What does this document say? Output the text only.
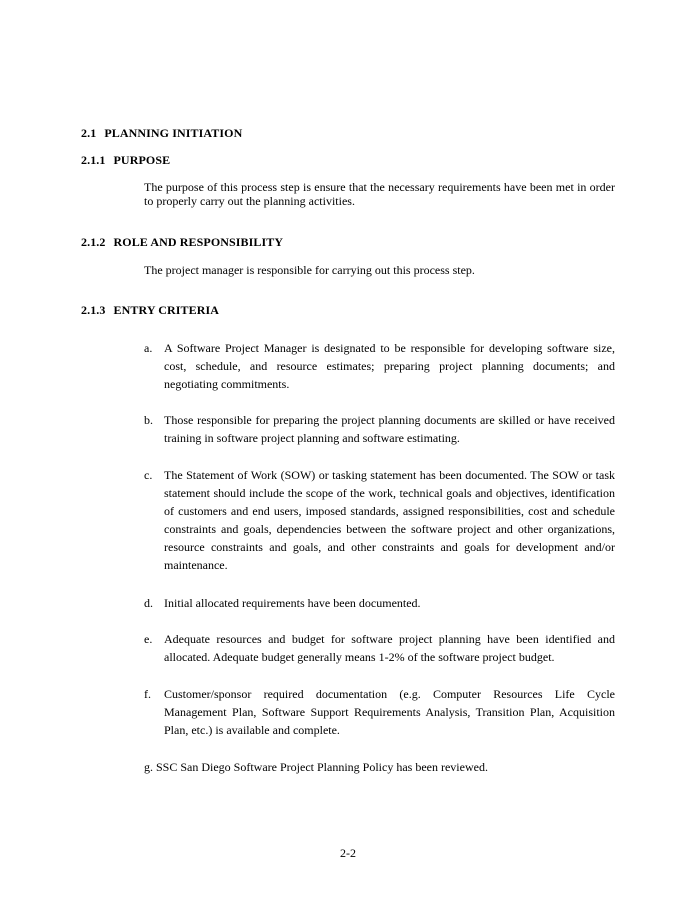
2.1 PLANNING INITIATION
2.1.1 PURPOSE
The purpose of this process step is ensure that the necessary requirements have been met in order to properly carry out the planning activities.
2.1.2 ROLE AND RESPONSIBILITY
The project manager is responsible for carrying out this process step.
2.1.3 ENTRY CRITERIA
a. A Software Project Manager is designated to be responsible for developing software size, cost, schedule, and resource estimates; preparing project planning documents; and negotiating commitments.
b. Those responsible for preparing the project planning documents are skilled or have received training in software project planning and software estimating.
c. The Statement of Work (SOW) or tasking statement has been documented. The SOW or task statement should include the scope of the work, technical goals and objectives, identification of customers and end users, imposed standards, assigned responsibilities, cost and schedule constraints and goals, dependencies between the software project and other organizations, resource constraints and goals, and other constraints and goals for development and/or maintenance.
d. Initial allocated requirements have been documented.
e. Adequate resources and budget for software project planning have been identified and allocated. Adequate budget generally means 1-2% of the software project budget.
f. Customer/sponsor required documentation (e.g. Computer Resources Life Cycle Management Plan, Software Support Requirements Analysis, Transition Plan, Acquisition Plan, etc.) is available and complete.
g. SSC San Diego Software Project Planning Policy has been reviewed.
2-2
